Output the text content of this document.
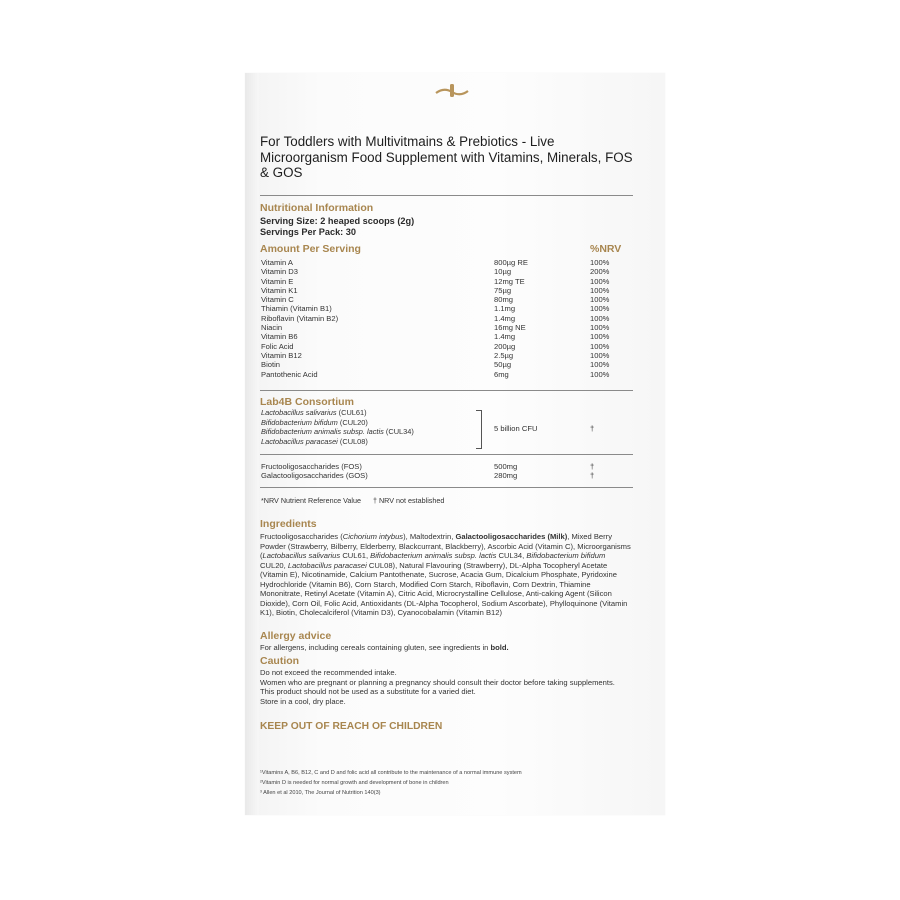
For Toddlers with Multivitmains & Prebiotics - Live Microorganism Food Supplement with Vitamins, Minerals, FOS & GOS
Nutritional Information
Serving Size: 2 heaped scoops (2g)
Servings Per Pack: 30
Amount Per Serving	%NRV
Vitamin A	800µg RE	100%
Vitamin D3	10µg	200%
Vitamin E	12mg TE	100%
Vitamin K1	75µg	100%
Vitamin C	80mg	100%
Thiamin (Vitamin B1)	1.1mg	100%
Riboflavin (Vitamin B2)	1.4mg	100%
Niacin	16mg NE	100%
Vitamin B6	1.4mg	100%
Folic Acid	200µg	100%
Vitamin B12	2.5µg	100%
Biotin	50µg	100%
Pantothenic Acid	6mg	100%
Lab4B Consortium
Lactobacillus salivarius (CUL61)
Bifidobacterium bifidum (CUL20)
Bifidobacterium animalis subsp. lactis (CUL34)
Lactobacillus paracasei (CUL08)
5 billion CFU	†
Fructooligosaccharides (FOS)	500mg	†
Galactooligosaccharides (GOS)	280mg	†
*NRV Nutrient Reference Value      † NRV not established
Ingredients
Fructooligosaccharides (Cichorium intybus), Maltodextrin, Galactooligosaccharides (Milk), Mixed Berry Powder (Strawberry, Bilberry, Elderberry, Blackcurrant, Blackberry), Ascorbic Acid (Vitamin C), Microorganisms (Lactobacillus salivarius CUL61, Bifidobacterium animalis subsp. lactis CUL34, Bifidobacterium bifidum CUL20, Lactobacillus paracasei CUL08), Natural Flavouring (Strawberry), DL-Alpha Tocopheryl Acetate (Vitamin E), Nicotinamide, Calcium Pantothenate, Sucrose, Acacia Gum, Dicalcium Phosphate, Pyridoxine Hydrochloride (Vitamin B6), Corn Starch, Modified Corn Starch, Riboflavin, Corn Dextrin, Thiamine Mononitrate, Retinyl Acetate (Vitamin A), Citric Acid, Microcrystalline Cellulose, Anti-caking Agent (Silicon Dioxide), Corn Oil, Folic Acid, Antioxidants (DL-Alpha Tocopherol, Sodium Ascorbate), Phylloquinone (Vitamin K1), Biotin, Cholecalciferol (Vitamin D3), Cyanocobalamin (Vitamin B12)
Allergy advice
For allergens, including cereals containing gluten, see ingredients in bold.
Caution
Do not exceed the recommended intake.
Women who are pregnant or planning a pregnancy should consult their doctor before taking supplements.
This product should not be used as a substitute for a varied diet.
Store in a cool, dry place.
KEEP OUT OF REACH OF CHILDREN
¹Vitamins A, B6, B12, C and D and folic acid all contribute to the maintenance of a normal immune system
²Vitamin D is needed for normal growth and development of bone in children
³ Allen et al 2010, The Journal of Nutrition 140(3)
